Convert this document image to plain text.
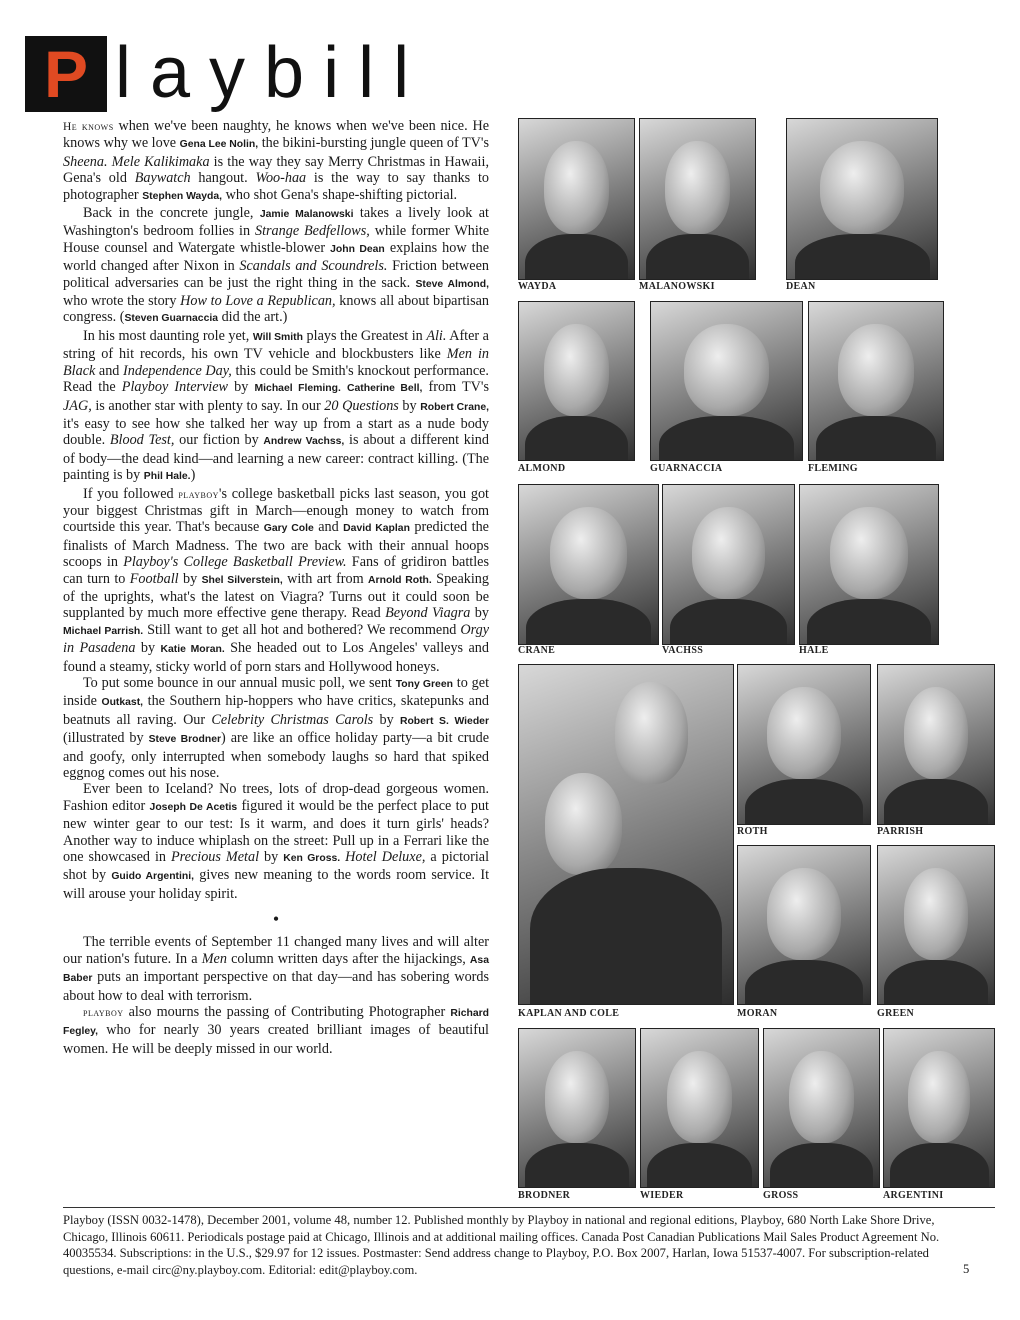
P laybill

He knows when we've been naughty, he knows when we've been nice. He knows why we love Gena Lee Nolin, the bikini-bursting jungle queen of TV's Sheena. Mele Kalikimaka is the way they say Merry Christmas in Hawaii, Gena's old Baywatch hangout. Woo-haa is the way to say thanks to photographer Stephen Wayda, who shot Gena's shape-shifting pictorial.

Back in the concrete jungle, Jamie Malanowski takes a lively look at Washington's bedroom follies in Strange Bedfellows, while former White House counsel and Watergate whistle-blower John Dean explains how the world changed after Nixon in Scandals and Scoundrels. Friction between political adversaries can be just the right thing in the sack. Steve Almond, who wrote the story How to Love a Republican, knows all about bipartisan congress. (Steven Guarnaccia did the art.)

In his most daunting role yet, Will Smith plays the Greatest in Ali. After a string of hit records, his own TV vehicle and blockbusters like Men in Black and Independence Day, this could be Smith's knockout performance. Read the Playboy Interview by Michael Fleming. Catherine Bell, from TV's JAG, is another star with plenty to say. In our 20 Questions by Robert Crane, it's easy to see how she talked her way up from a start as a nude body double. Blood Test, our fiction by Andrew Vachss, is about a different kind of body—the dead kind—and learning a new career: contract killing. (The painting is by Phil Hale.)

If you followed playboy's college basketball picks last season, you got your biggest Christmas gift in March—enough money to watch from courtside this year. That's because Gary Cole and David Kaplan predicted the finalists of March Madness. The two are back with their annual hoops scoops in Playboy's College Basketball Preview. Fans of gridiron battles can turn to Football by Shel Silverstein, with art from Arnold Roth. Speaking of the uprights, what's the latest on Viagra? Turns out it could soon be supplanted by much more effective gene therapy. Read Beyond Viagra by Michael Parrish. Still want to get all hot and bothered? We recommend Orgy in Pasadena by Katie Moran. She headed out to Los Angeles' valleys and found a steamy, sticky world of porn stars and Hollywood honeys.

To put some bounce in our annual music poll, we sent Tony Green to get inside Outkast, the Southern hip-hoppers who have critics, skatepunks and beatnuts all raving. Our Celebrity Christmas Carols by Robert S. Wieder (illustrated by Steve Brodner) are like an office holiday party—a bit crude and goofy, only interrupted when somebody laughs so hard that spiked eggnog comes out his nose.

Ever been to Iceland? No trees, lots of drop-dead gorgeous women. Fashion editor Joseph De Acetis figured it would be the perfect place to put new winter gear to our test: Is it warm, and does it turn girls' heads? Another way to induce whiplash on the street: Pull up in a Ferrari like the one showcased in Precious Metal by Ken Gross. Hotel Deluxe, a pictorial shot by Guido Argentini, gives new meaning to the words room service. It will arouse your holiday spirit.

•

The terrible events of September 11 changed many lives and will alter our nation's future. In a Men column written days after the hijackings, Asa Baber puts an important perspective on that day—and has sobering words about how to deal with terrorism.

playboy also mourns the passing of Contributing Photographer Richard Fegley, who for nearly 30 years created brilliant images of beautiful women. He will be deeply missed in our world.

WAYDA	MALANOWSKI	DEAN
ALMOND	GUARNACCIA	FLEMING
CRANE	VACHSS	HALE
KAPLAN AND COLE
ROTH	PARRISH
MORAN	GREEN
BRODNER	WIEDER	GROSS	ARGENTINI
Playboy (ISSN 0032-1478), December 2001, volume 48, number 12. Published monthly by Playboy in national and regional editions, Playboy, 680 North Lake Shore Drive, Chicago, Illinois 60611. Periodicals postage paid at Chicago, Illinois and at additional mailing offices. Canada Post Canadian Publications Mail Sales Product Agreement No. 40035534. Subscriptions: in the U.S., $29.97 for 12 issues. Postmaster: Send address change to Playboy, P.O. Box 2007, Harlan, Iowa 51537-4007. For subscription-related questions, e-mail circ@ny.playboy.com. Editorial: edit@playboy.com.	5
